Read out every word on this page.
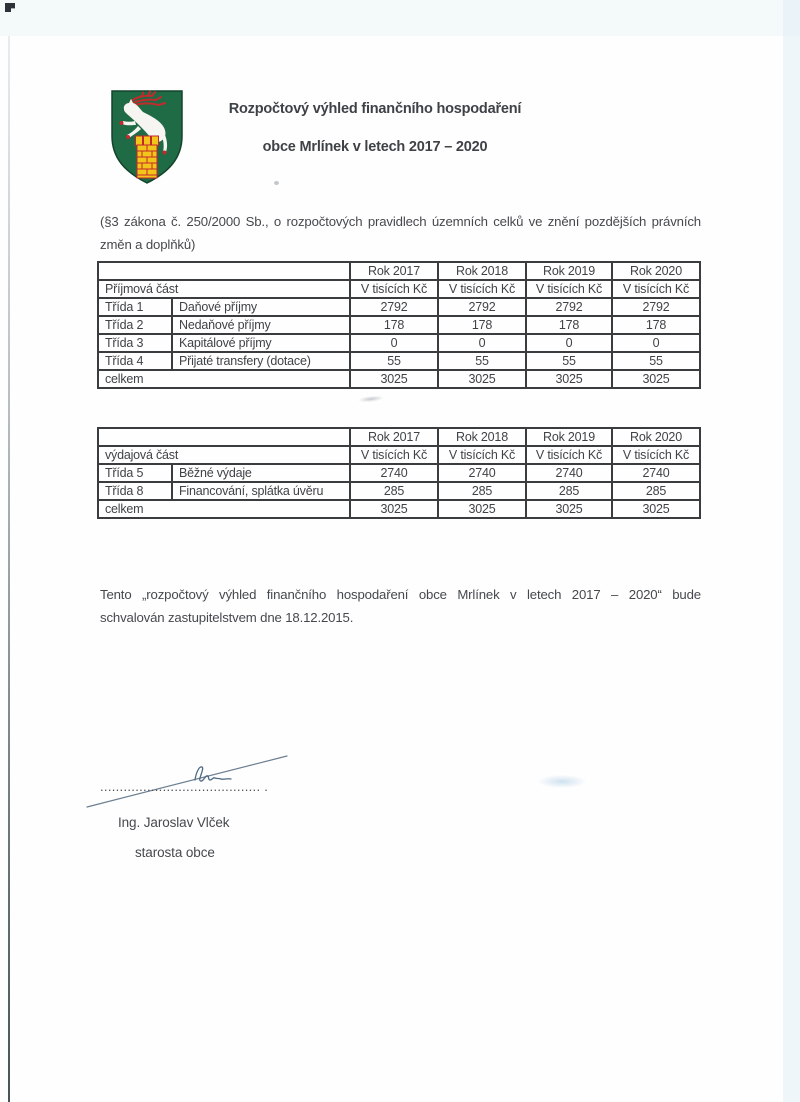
Rozpočtový výhled finančního hospodaření
obce Mrlínek v letech 2017 – 2020
(§3 zákona č. 250/2000 Sb., o rozpočtových pravidlech územních celků ve znění pozdějších právních
změn a doplňků)
		Rok 2017	Rok 2018	Rok 2019	Rok 2020
Příjmová část		V tisících Kč	V tisících Kč	V tisících Kč	V tisících Kč
Třída 1	Daňové příjmy	2792	2792	2792	2792
Třída 2	Nedaňové příjmy	178	178	178	178
Třída 3	Kapitálové příjmy	0	0	0	0
Třída 4	Přijaté transfery (dotace)	55	55	55	55
celkem		3025	3025	3025	3025
		Rok 2017	Rok 2018	Rok 2019	Rok 2020
výdajová část		V tisících Kč	V tisících Kč	V tisících Kč	V tisících Kč
Třída 5	Běžné výdaje	2740	2740	2740	2740
Třída 8	Financování, splátka úvěru	285	285	285	285
celkem		3025	3025	3025	3025
Tento „rozpočtový výhled finančního hospodaření obce Mrlínek v letech 2017 – 2020“ bude
schvalován zastupitelstvem dne 18.12.2015.
......................................... .
Ing. Jaroslav Vlček
starosta obce
